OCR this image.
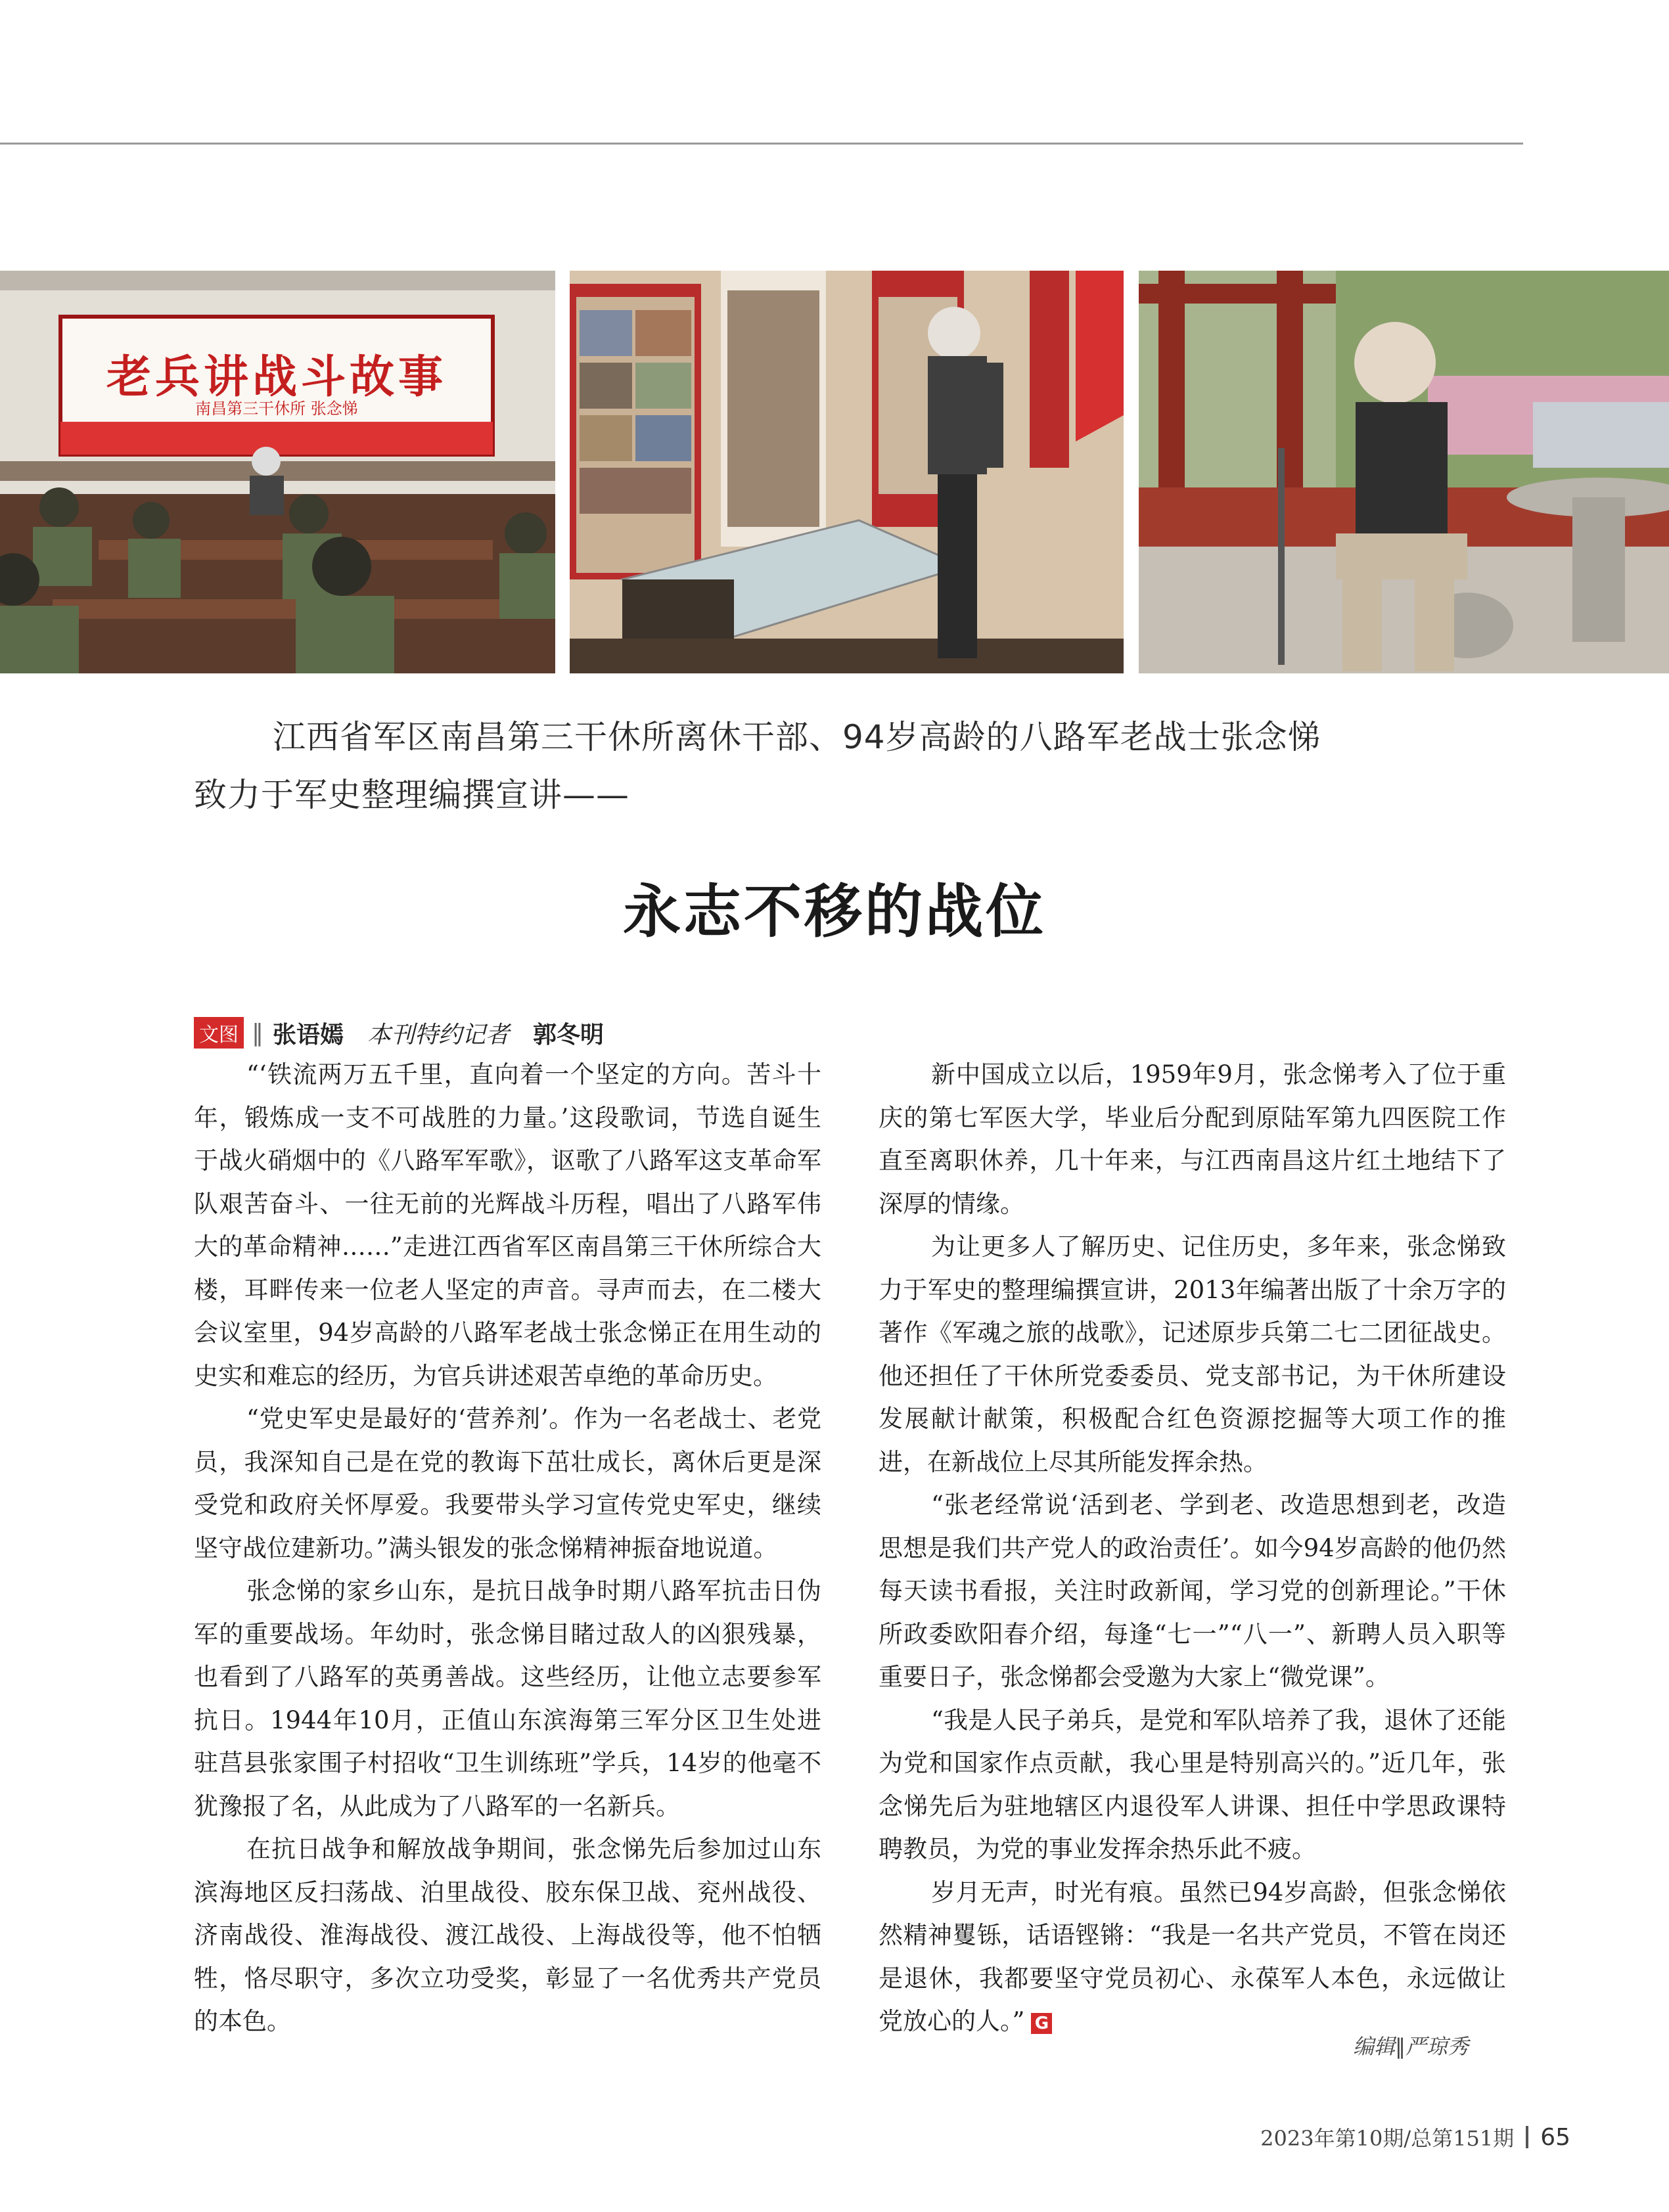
老兵讲战斗故事
南昌第三干休所 张念悌
江西省军区南昌第三干休所离休干部、94岁高龄的八路军老战士张念悌
致力于军史整理编撰宣讲——
永志不移的战位
文图 ‖ 张语嫣 本刊特约记者 郭冬明

“‘铁流两万五千里，直向着一个坚定的方向。苦斗十年，锻炼成一支不可战胜的力量。’这段歌词，节选自诞生于战火硝烟中的《八路军军歌》，讴歌了八路军这支革命军队艰苦奋斗、一往无前的光辉战斗历程，唱出了八路军伟大的革命精神……”走进江西省军区南昌第三干休所综合大楼，耳畔传来一位老人坚定的声音。寻声而去，在二楼大会议室里，94岁高龄的八路军老战士张念悌正在用生动的史实和难忘的经历，为官兵讲述艰苦卓绝的革命历史。

“党史军史是最好的‘营养剂’。作为一名老战士、老党员，我深知自己是在党的教诲下茁壮成长，离休后更是深受党和政府关怀厚爱。我要带头学习宣传党史军史，继续坚守战位建新功。”满头银发的张念悌精神振奋地说道。

张念悌的家乡山东，是抗日战争时期八路军抗击日伪军的重要战场。年幼时，张念悌目睹过敌人的凶狠残暴，也看到了八路军的英勇善战。这些经历，让他立志要参军抗日。1944年10月，正值山东滨海第三军分区卫生处进驻莒县张家围子村招收“卫生训练班”学兵，14岁的他毫不犹豫报了名，从此成为了八路军的一名新兵。

在抗日战争和解放战争期间，张念悌先后参加过山东滨海地区反扫荡战、泊里战役、胶东保卫战、兖州战役、济南战役、淮海战役、渡江战役、上海战役等，他不怕牺牲，恪尽职守，多次立功受奖，彰显了一名优秀共产党员的本色。

新中国成立以后，1959年9月，张念悌考入了位于重庆的第七军医大学，毕业后分配到原陆军第九四医院工作直至离职休养，几十年来，与江西南昌这片红土地结下了深厚的情缘。

为让更多人了解历史、记住历史，多年来，张念悌致力于军史的整理编撰宣讲，2013年编著出版了十余万字的著作《军魂之旅的战歌》，记述原步兵第二七二团征战史。他还担任了干休所党委委员、党支部书记，为干休所建设发展献计献策，积极配合红色资源挖掘等大项工作的推进，在新战位上尽其所能发挥余热。

“张老经常说‘活到老、学到老、改造思想到老，改造思想是我们共产党人的政治责任’。如今94岁高龄的他仍然每天读书看报，关注时政新闻，学习党的创新理论。”干休所政委欧阳春介绍，每逢“七一”“八一”、新聘人员入职等重要日子，张念悌都会受邀为大家上“微党课”。

“我是人民子弟兵，是党和军队培养了我，退休了还能为党和国家作点贡献，我心里是特别高兴的。”近几年，张念悌先后为驻地辖区内退役军人讲课、担任中学思政课特聘教员，为党的事业发挥余热乐此不疲。

岁月无声，时光有痕。虽然已94岁高龄，但张念悌依然精神矍铄，话语铿锵：“我是一名共产党员，不管在岗还是退休，我都要坚守党员初心、永葆军人本色，永远做让党放心的人。” G

编辑‖严琼秀
2023年第10期/总第151期 65
